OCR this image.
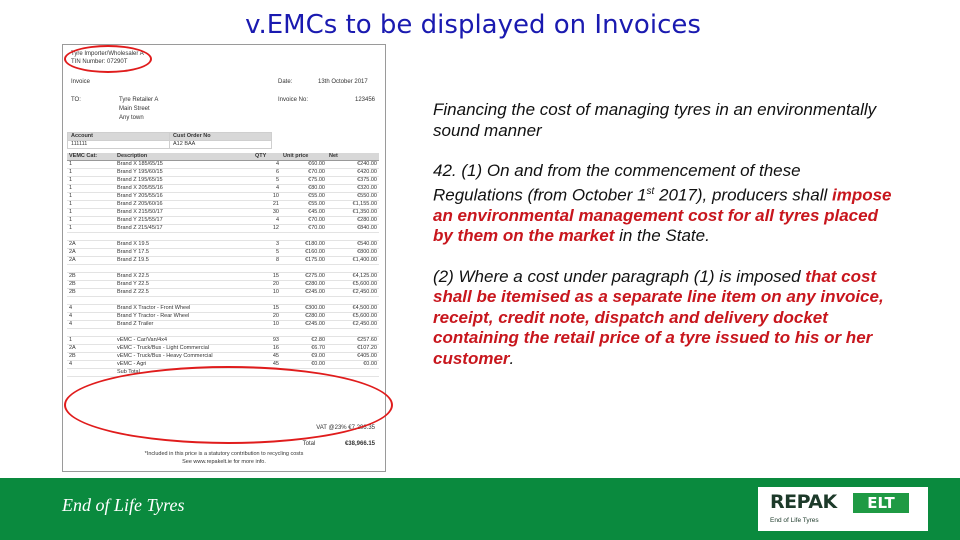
v.EMCs to be displayed on Invoices
Tyre Importer/Wholesaler A
TIN Number: 07290T
Invoice	Date:	13th October 2017
TO:	Tyre Retailer A
Main Street
Any town
Invoice No:	123456
Account	Cust Order No
111111	A12 BAA
VEMC Cat:	Description	QTY	Unit price	Net
1	Brand X 185/65/15	4	€60.00	€240.00
1	Brand Y 195/60/15	6	€70.00	€420.00
1	Brand Z 195/65/15	5	€75.00	€375.00
1	Brand X 205/55/16	4	€80.00	€320.00
1	Brand Y 205/55/16	10	€55.00	€550.00
1	Brand Z 205/60/16	21	€55.00	€1,155.00
1	Brand X 215/50/17	30	€45.00	€1,350.00
1	Brand Y 215/55/17	4	€70.00	€280.00
1	Brand Z 215/45/17	12	€70.00	€840.00

2A	Brand X 19.5	3	€180.00	€540.00
2A	Brand Y 17.5	5	€160.00	€800.00
2A	Brand Z 19.5	8	€175.00	€1,400.00

2B	Brand X 22.5	15	€275.00	€4,125.00
2B	Brand Y 22.5	20	€280.00	€5,600.00
2B	Brand Z 22.5	10	€245.00	€2,450.00

4	Brand X Tractor - Front Wheel	15	€300.00	€4,500.00
4	Brand Y Tractor - Rear Wheel	20	€280.00	€5,600.00
4	Brand Z Trailer	10	€245.00	€2,450.00

1	vEMC - Car/Van/4x4	93	€2.80	€257.60
2A	vEMC - Truck/Bus - Light Commercial	16	€6.70	€107.20
2B	vEMC - Truck/Bus - Heavy Commercial	45	€9.00	€405.00
4	vEMC - Agri	45	€0.00	€0.00
	Sub Total			
VAT @23% €7,296.35
Total	€38,966.15
*Included in this price is a statutory contribution to recycling costs
See www.repakelt.ie for more info.

Financing the cost of managing tyres in an environmentally sound manner

42. (1) On and from the commencement of these Regulations (from October 1st 2017), producers shall impose an environmental management cost for all tyres placed by them on the market in the State.

(2) Where a cost under paragraph (1) is imposed that cost shall be itemised as a separate line item on any invoice, receipt, credit note, dispatch and delivery docket containing the retail price of a tyre issued to his or her customer.

End of Life Tyres	REPAK	ELT
End of Life Tyres
